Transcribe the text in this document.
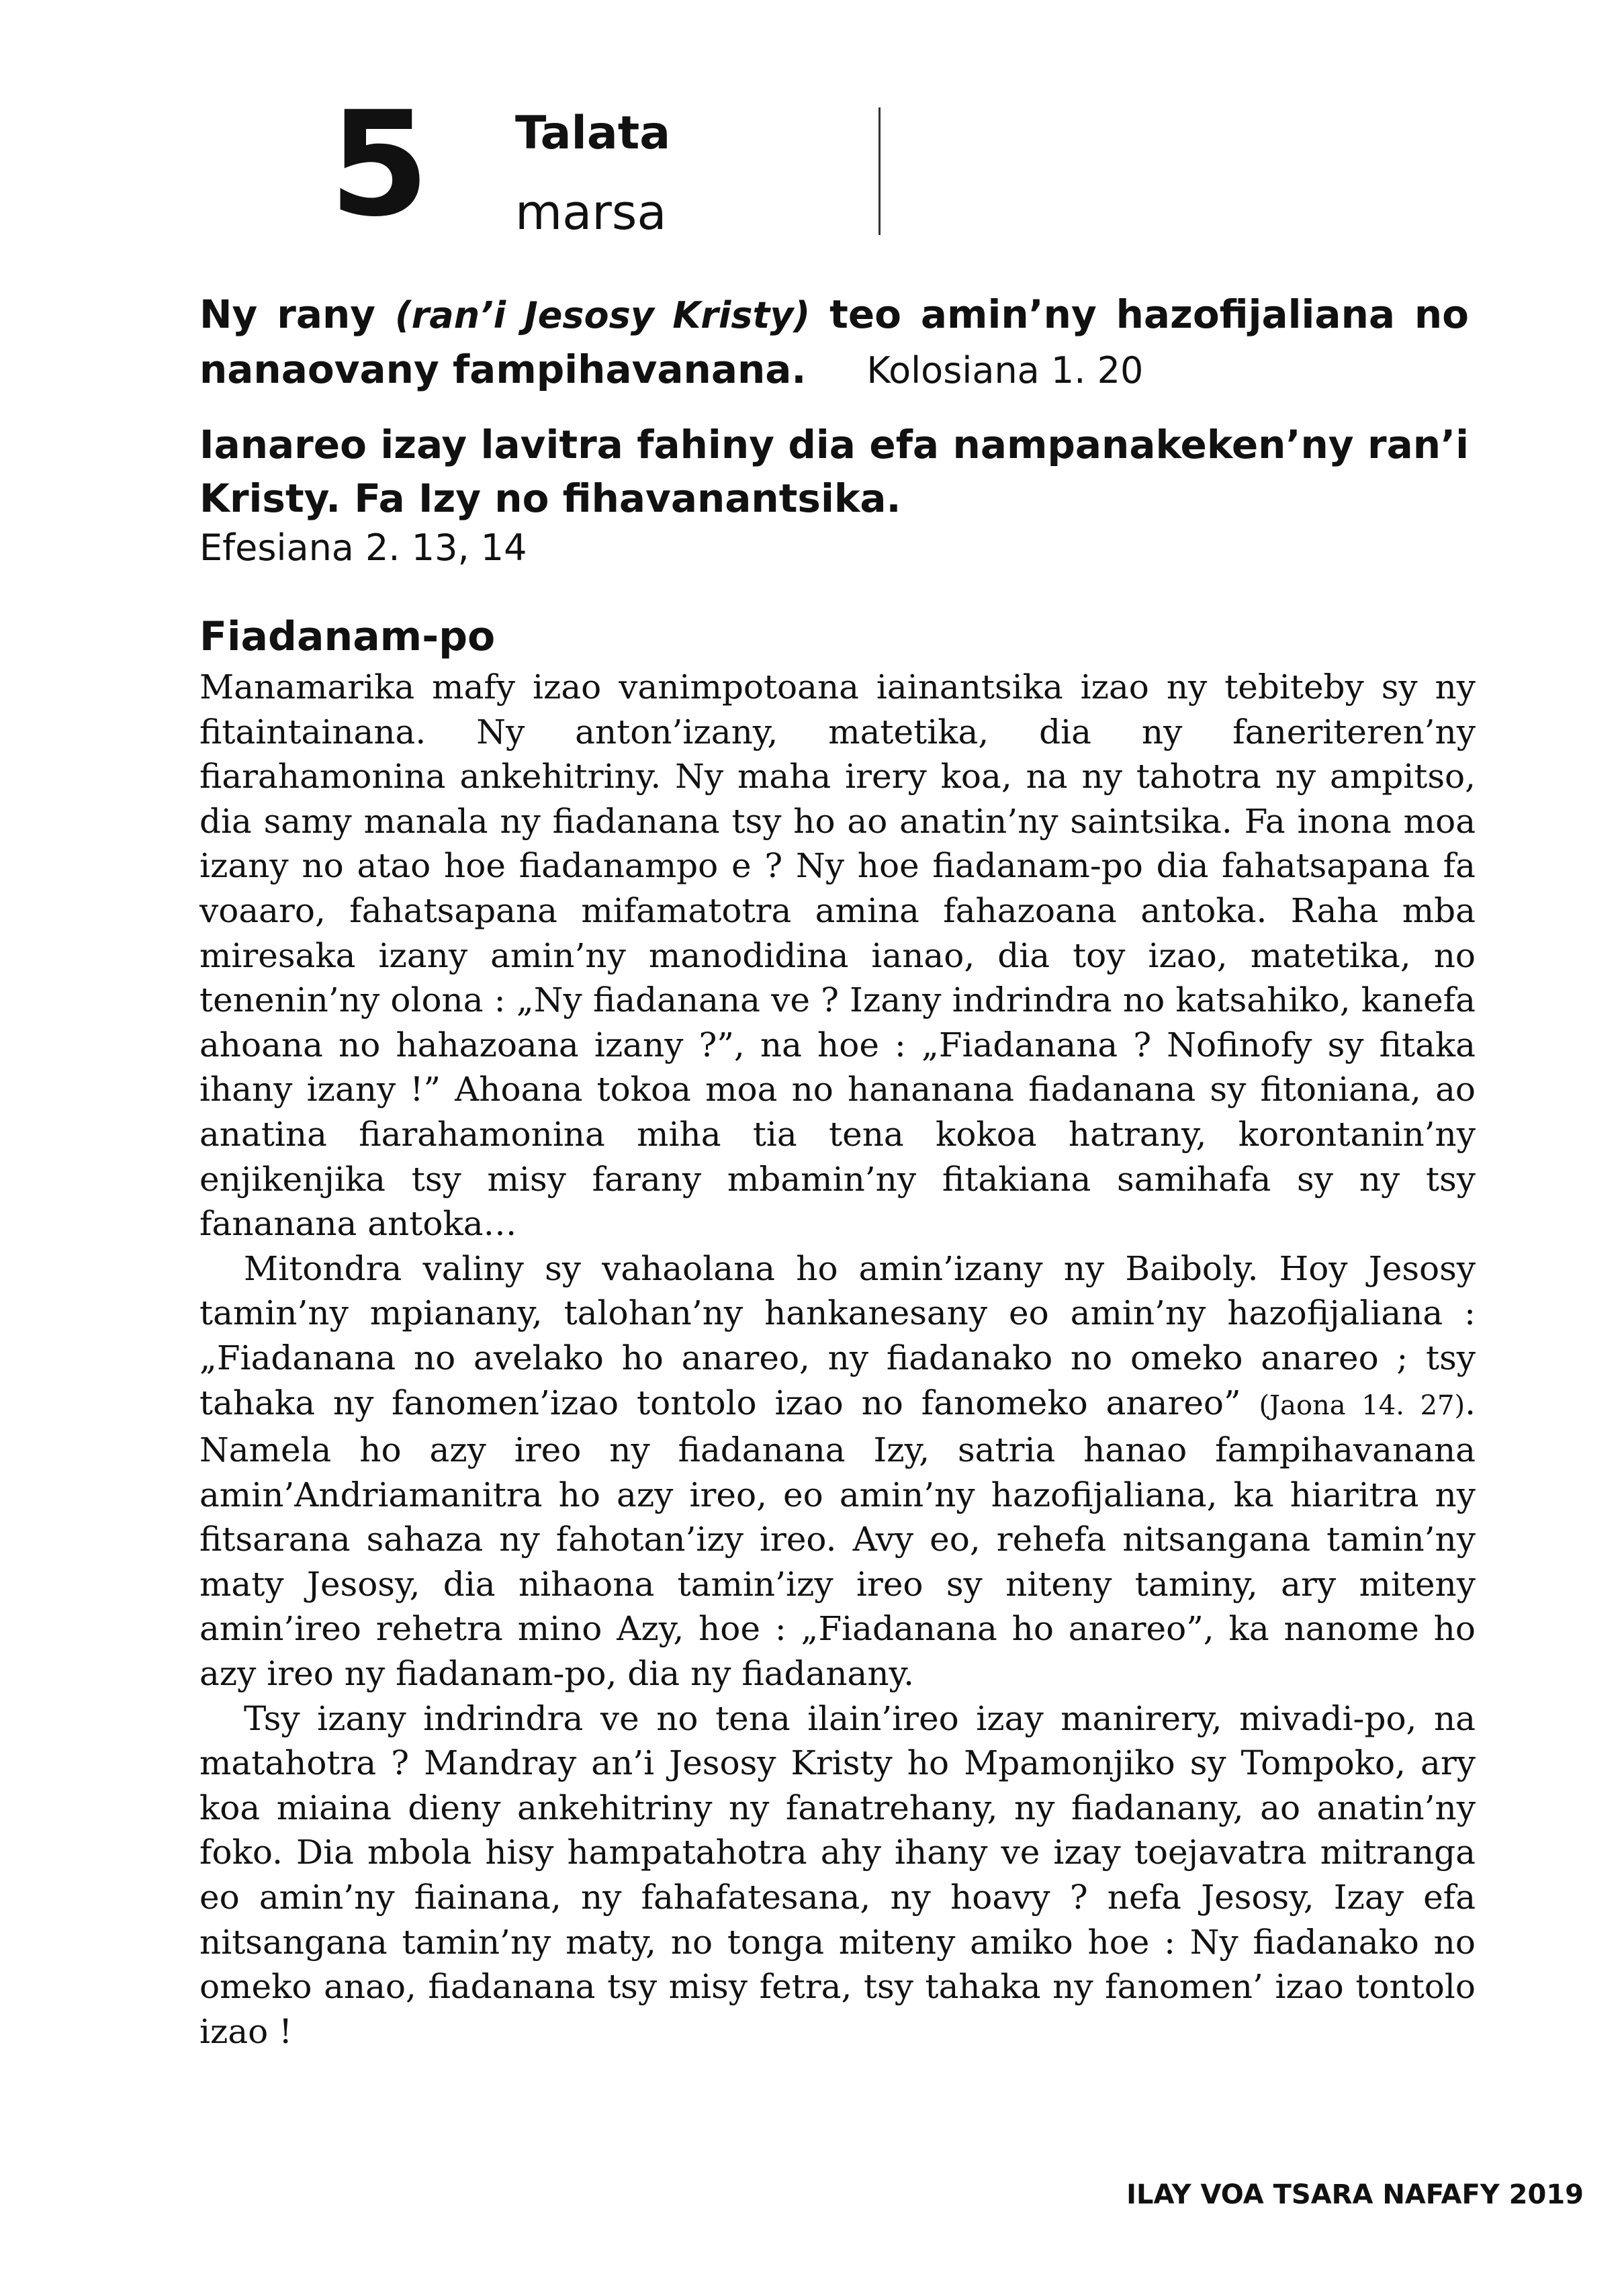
5 Talata
marsa
Ny rany (ran’i Jesosy Kristy) teo amin’ny hazofijaliana no nanaovany fampihavanana. Kolosiana 1. 20
Ianareo izay lavitra fahiny dia efa nampanakeken’ny ran’i Kristy. Fa Izy no fihavanantsika.
Efesiana 2. 13, 14
Fiadanam-po

Manamarika mafy izao vanimpotoana iainantsika izao ny tebiteby sy ny fitaintainana. Ny anton’izany, matetika, dia ny faneriteren’ny fiarahamonina ankehitriny. Ny maha irery koa, na ny tahotra ny ampitso, dia samy manala ny fiadanana tsy ho ao anatin’ny saintsika. Fa inona moa izany no atao hoe fiadanampo e ? Ny hoe fiadanam-po dia fahatsapana fa voaaro, fahatsapana mifamatotra amina fahazoana antoka. Raha mba miresaka izany amin’ny manodidina ianao, dia toy izao, matetika, no tenenin’ny olona : „Ny fiadanana ve ? Izany indrindra no katsahiko, kanefa ahoana no hahazoana izany ?”, na hoe : „Fiadanana ? Nofinofy sy fitaka ihany izany !” Ahoana tokoa moa no hananana fiadanana sy fitoniana, ao anatina fiarahamonina miha tia tena kokoa hatrany, korontanin’ny enjikenjika tsy misy farany mbamin’ny fitakiana samihafa sy ny tsy fananana antoka…

Mitondra valiny sy vahaolana ho amin’izany ny Baiboly. Hoy Jesosy tamin’ny mpianany, talohan’ny hankanesany eo amin’ny hazofijaliana : „Fiadanana no avelako ho anareo, ny fiadanako no omeko anareo ; tsy tahaka ny fanomen’izao tontolo izao no fanomeko anareo” (Jaona 14. 27). Namela ho azy ireo ny fiadanana Izy, satria hanao fampihavanana amin’Andriamanitra ho azy ireo, eo amin’ny hazofijaliana, ka hiaritra ny fitsarana sahaza ny fahotan’izy ireo. Avy eo, rehefa nitsangana tamin’ny maty Jesosy, dia nihaona tamin’izy ireo sy niteny taminy, ary miteny amin’ireo rehetra mino Azy, hoe : „Fiadanana ho anareo”, ka nanome ho azy ireo ny fiadanam-po, dia ny fiadanany.

Tsy izany indrindra ve no tena ilain’ireo izay manirery, mivadi-po, na matahotra ? Mandray an’i Jesosy Kristy ho Mpamonjiko sy Tompoko, ary koa miaina dieny ankehitriny ny fanatrehany, ny fiadanany, ao anatin’ny foko. Dia mbola hisy hampatahotra ahy ihany ve izay toejavatra mitranga eo amin’ny fiainana, ny fahafatesana, ny hoavy ? nefa Jesosy, Izay efa nitsangana tamin’ny maty, no tonga miteny amiko hoe : Ny fiadanako no omeko anao, fiadanana tsy misy fetra, tsy tahaka ny fanomen’ izao tontolo izao !

ILAY VOA TSARA NAFAFY 2019
